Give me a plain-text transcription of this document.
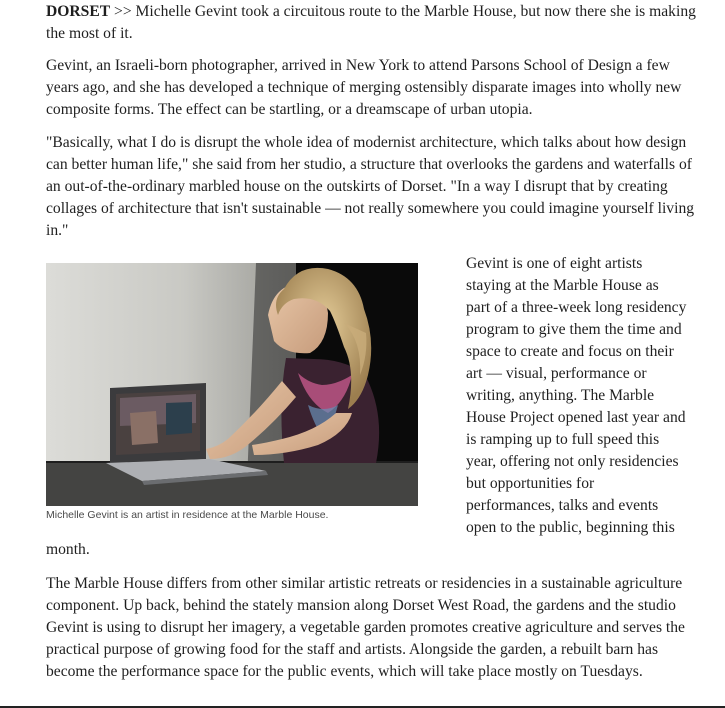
DORSET >> Michelle Gevint took a circuitous route to the Marble House, but now there she is making the most of it.

Gevint, an Israeli-born photographer, arrived in New York to attend Parsons School of Design a few years ago, and she has developed a technique of merging ostensibly disparate images into wholly new composite forms. The effect can be startling, or a dreamscape of urban utopia.

"Basically, what I do is disrupt the whole idea of modernist architecture, which talks about how design can better human life," she said from her studio, a structure that overlooks the gardens and waterfalls of an out-of-the-ordinary marbled house on the outskirts of Dorset. "In a way I disrupt that by creating collages of architecture that isn't sustainable — not really somewhere you could imagine yourself living in."

Michelle Gevint is an artist in residence at the Marble House.

Gevint is one of eight artists

staying at the Marble House as

part of a three-week long residency

program to give them the time and

space to create and focus on their

art — visual, performance or

writing, anything. The Marble

House Project opened last year and

is ramping up to full speed this

year, offering not only residencies

but opportunities for

performances, talks and events

open to the public, beginning this

month.

The Marble House differs from other similar artistic retreats or residencies in a sustainable agriculture component. Up back, behind the stately mansion along Dorset West Road, the gardens and the studio Gevint is using to disrupt her imagery, a vegetable garden promotes creative agriculture and serves the practical purpose of growing food for the staff and artists. Alongside the garden, a rebuilt barn has become the performance space for the public events, which will take place mostly on Tuesdays.
